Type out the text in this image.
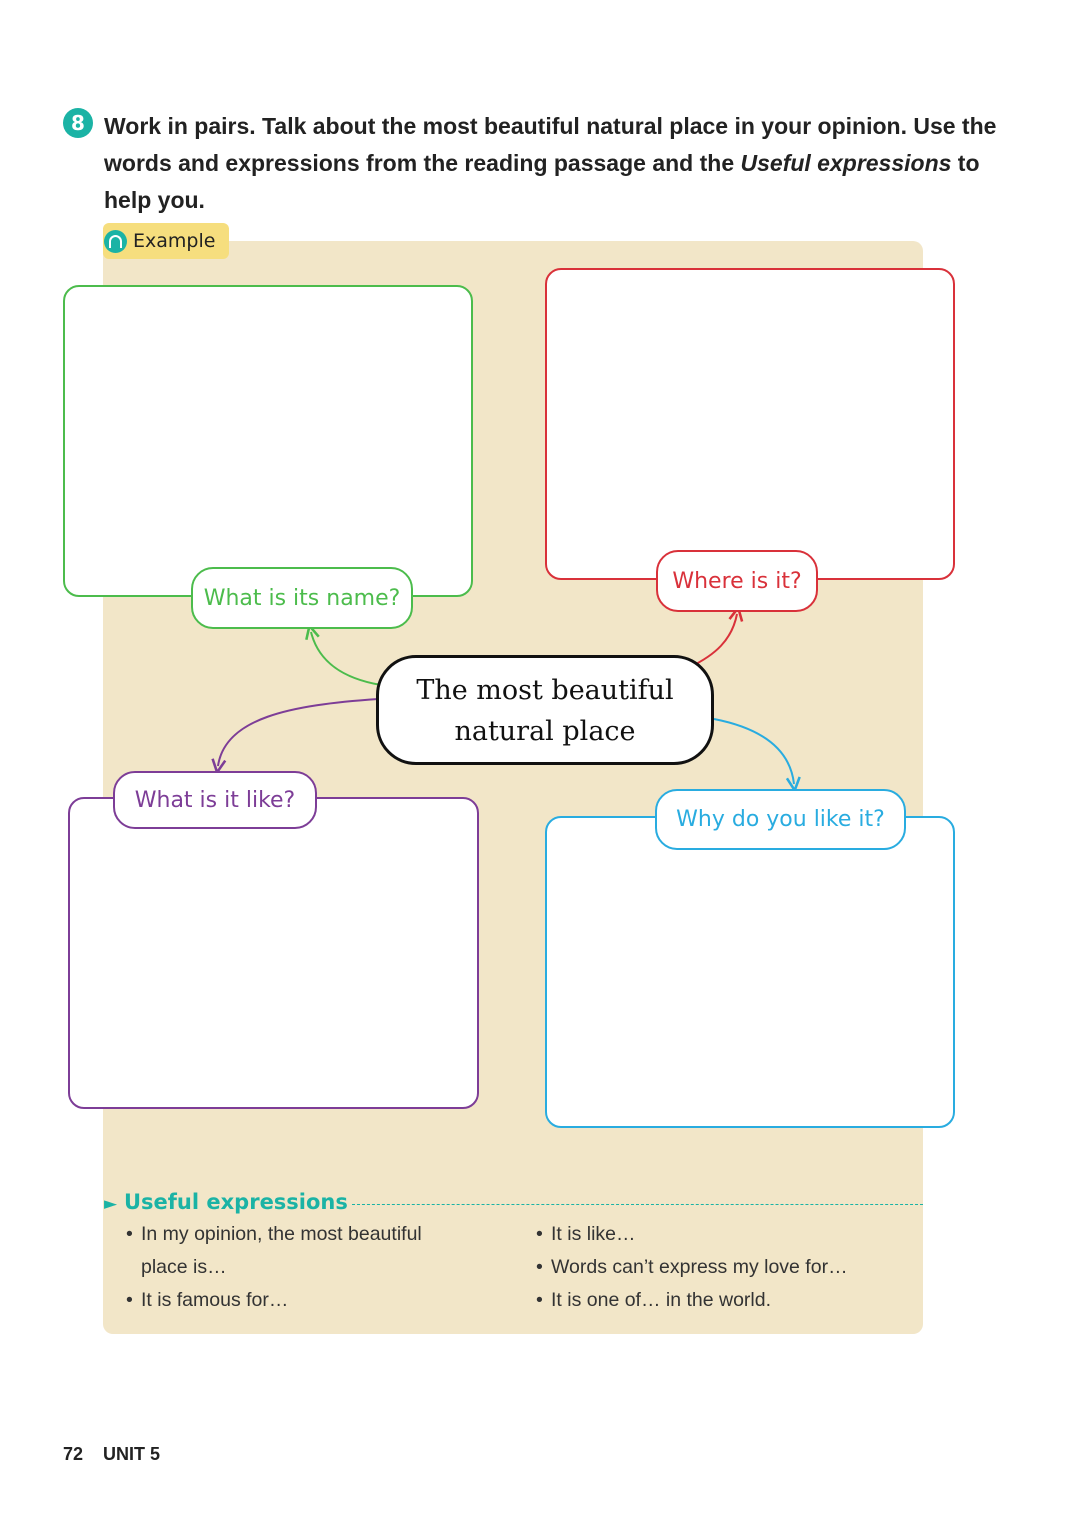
8 Work in pairs. Talk about the most beautiful natural place in your opinion. Use the words and expressions from the reading passage and the Useful expressions to help you.
Example
What is its name?
Where is it?
What is it like?
Why do you like it?
The most beautiful
natural place
► Useful expressions
• In my opinion, the most beautiful
place is…
• It is famous for…
• It is like…
• Words can’t express my love for…
• It is one of… in the world.
72 UNIT 5
